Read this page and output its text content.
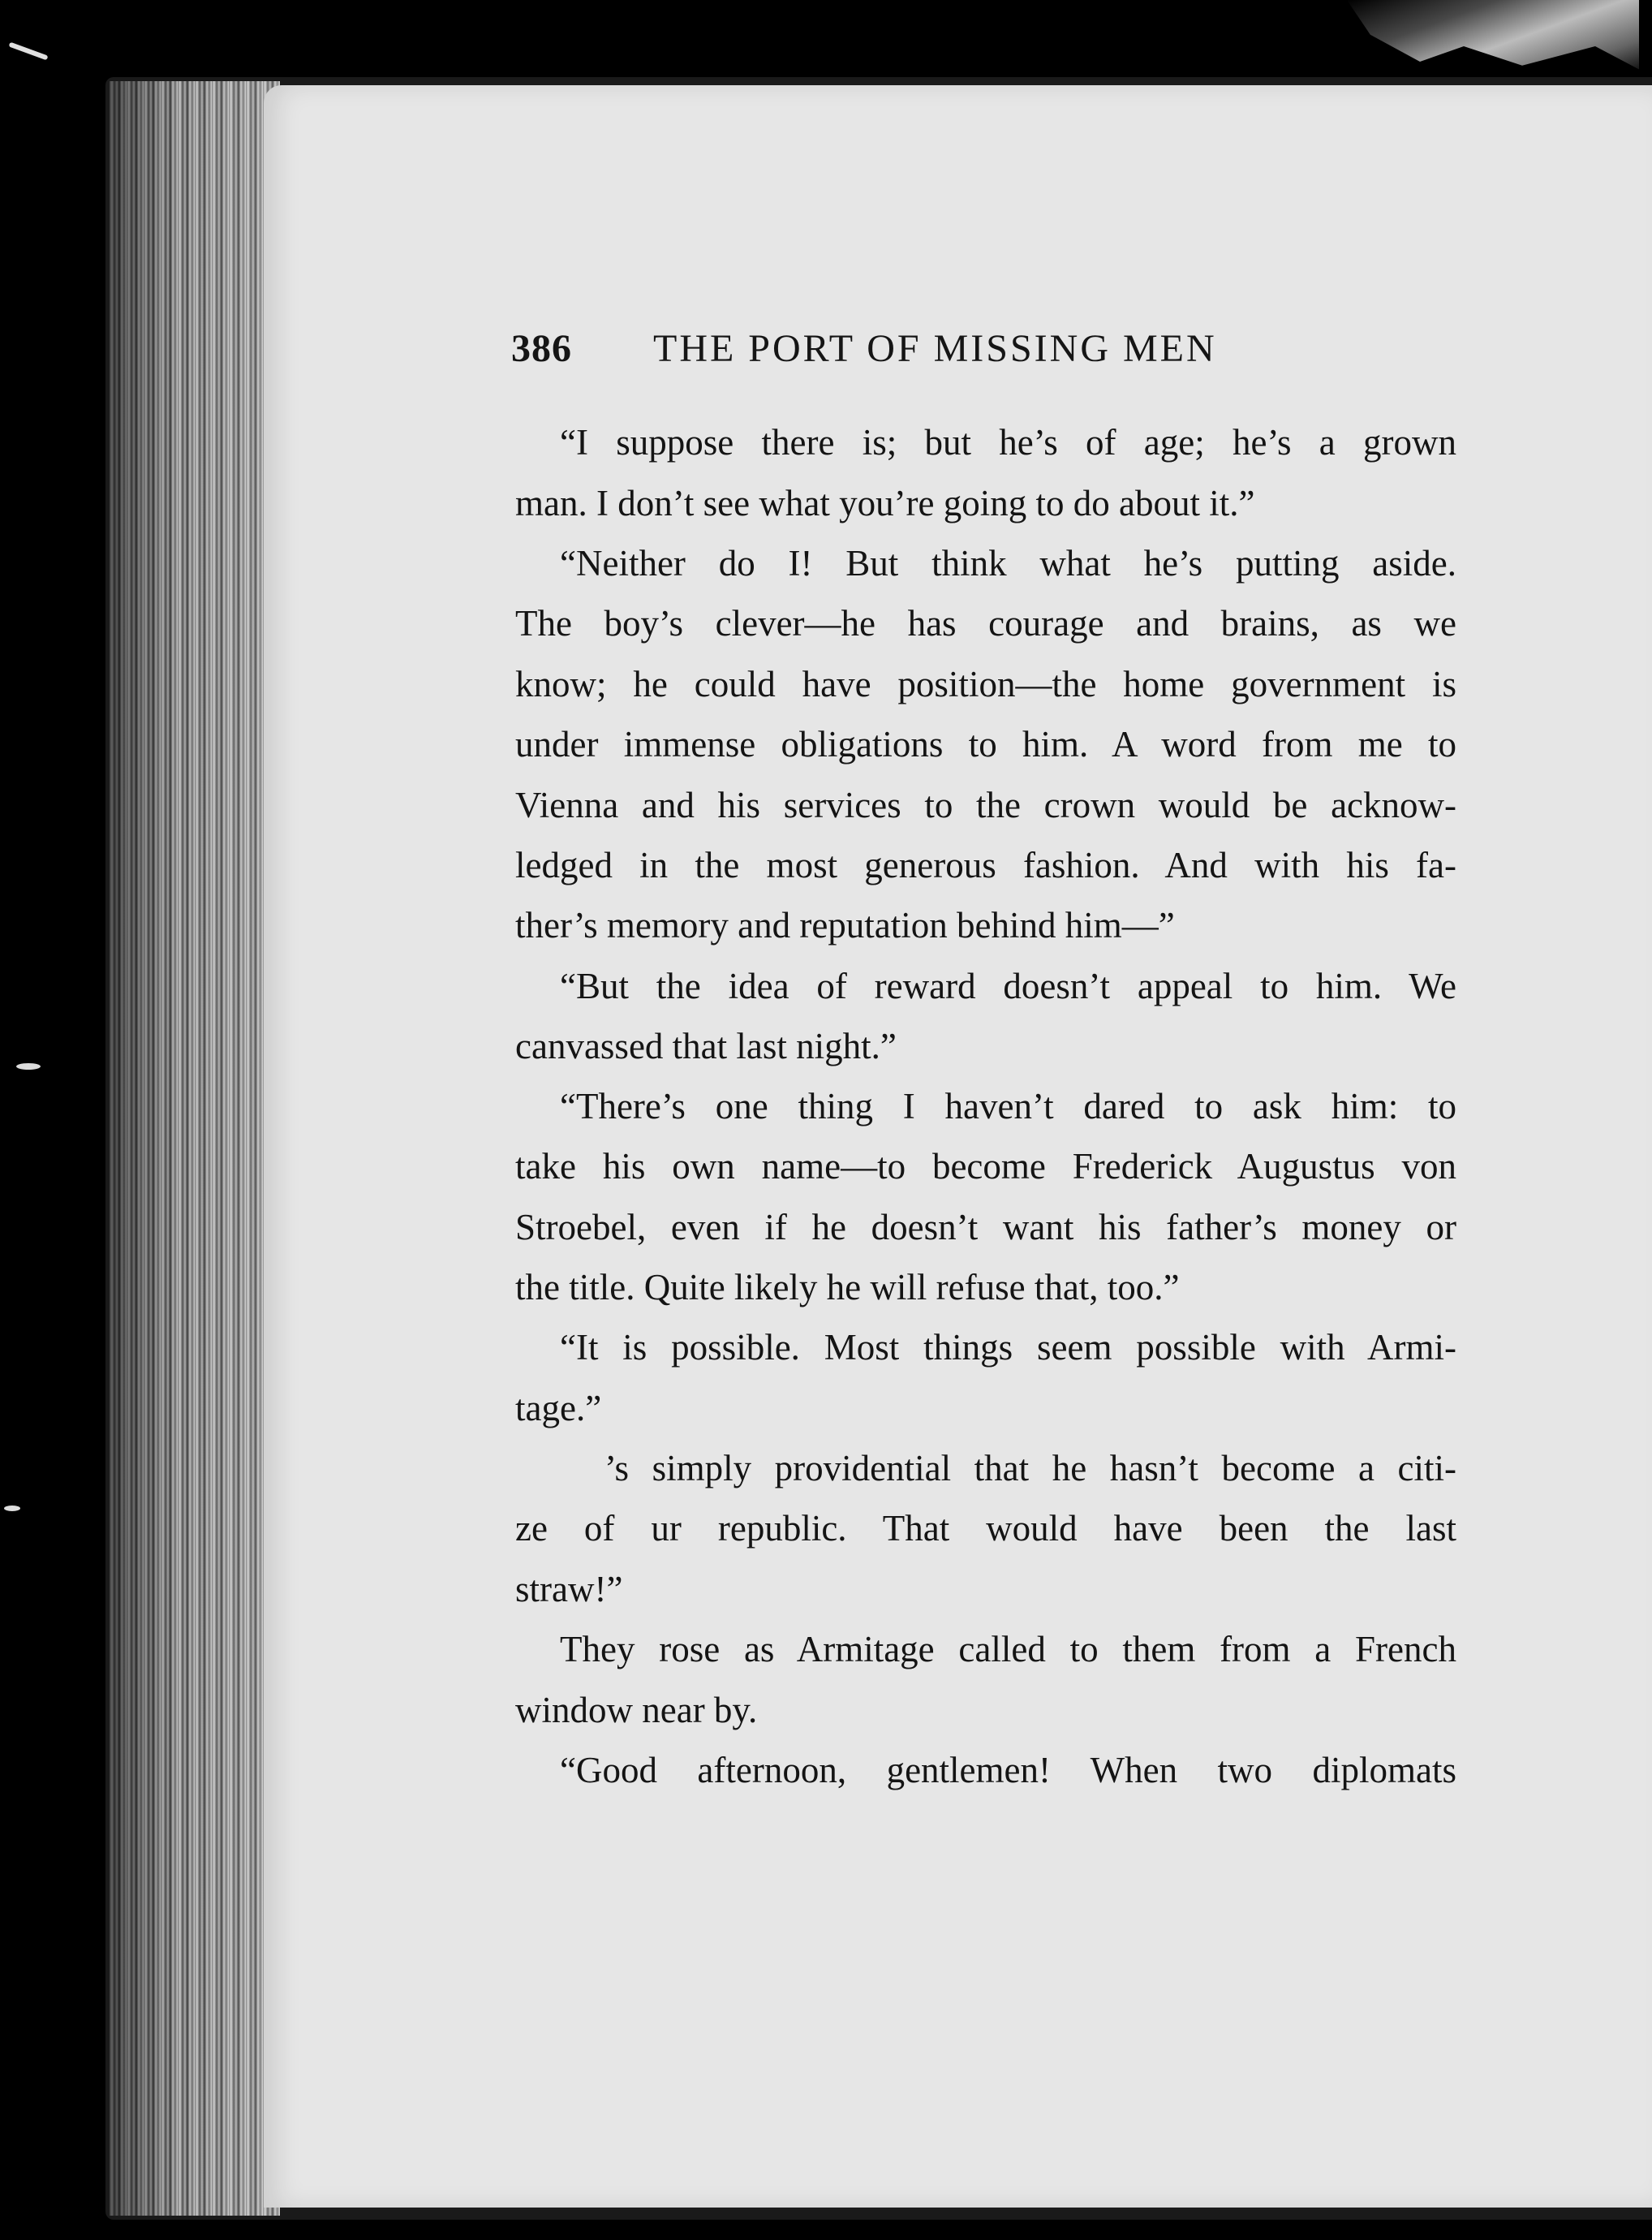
386 THE PORT OF MISSING MEN
“I suppose there is; but he’s of age; he’s a grown
man. I don’t see what you’re going to do about it.”
“Neither do I! But think what he’s putting aside.
The boy’s clever—he has courage and brains, as we
know; he could have position—the home government is
under immense obligations to him. A word from me to
Vienna and his services to the crown would be acknow-
ledged in the most generous fashion. And with his fa-
ther’s memory and reputation behind him—”
“But the idea of reward doesn’t appeal to him. We
canvassed that last night.”
“There’s one thing I haven’t dared to ask him: to
take his own name—to become Frederick Augustus von
Stroebel, even if he doesn’t want his father’s money or
the title. Quite likely he will refuse that, too.”
“It is possible. Most things seem possible with Armi-
tage.”
’s simply providential that he hasn’t become a citi-
ze of ur republic. That would have been the last
straw!”
They rose as Armitage called to them from a French
window near by.
“Good afternoon, gentlemen! When two diplomats
